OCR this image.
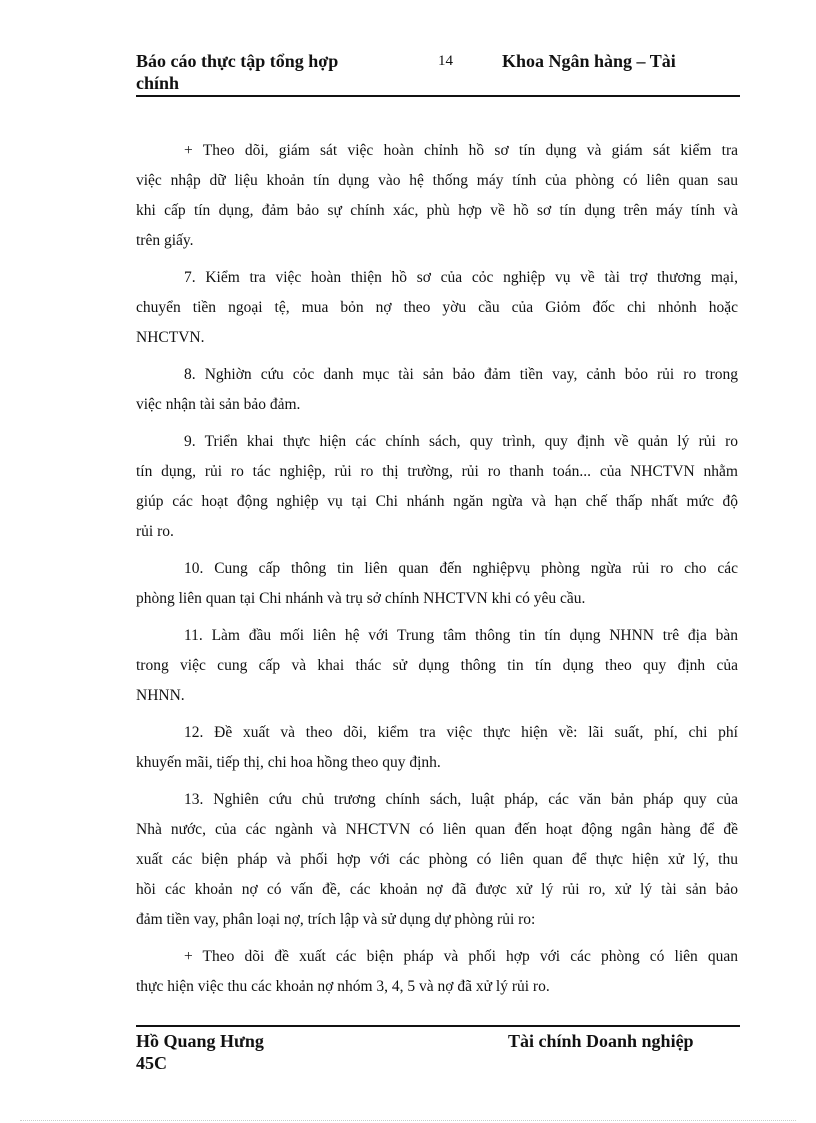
Báo cáo thực tập tổng hợp
chính
14	Khoa Ngân hàng – Tài
+ Theo dõi, giám sát việc hoàn chỉnh hồ sơ tín dụng và giám sát kiểm tra
việc nhập dữ liệu khoản tín dụng vào hệ thống máy tính của phòng có liên quan sau
khi cấp tín dụng, đảm bảo sự chính xác, phù hợp về hồ sơ tín dụng trên máy tính và
trên giấy.
7. Kiểm tra việc hoàn thiện hồ sơ của cỏc nghiệp vụ về tài trợ thương mại,
chuyển tiền ngoại tệ, mua bỏn nợ theo yờu cầu của Giỏm đốc chi nhỏnh hoặc
NHCTVN.
8. Nghiờn cứu cỏc danh mục tài sản bảo đảm tiền vay, cảnh bỏo rủi ro trong
việc nhận tài sản bảo đảm.
9. Triển khai thực hiện các chính sách, quy trình, quy định về quản lý rủi ro
tín dụng, rủi ro tác nghiệp, rủi ro thị trường, rủi ro thanh toán... của NHCTVN nhằm
giúp các hoạt động nghiệp vụ tại Chi nhánh ngăn ngừa và hạn chế thấp nhất mức độ
rủi ro.
10. Cung cấp thông tin liên quan đến nghiệpvụ phòng ngừa rủi ro cho các
phòng liên quan tại Chi nhánh và trụ sở chính NHCTVN khi có yêu cầu.
11. Làm đầu mối liên hệ với Trung tâm thông tin tín dụng NHNN trê địa bàn
trong việc cung cấp và khai thác sử dụng thông tin tín dụng theo quy định của
NHNN.
12. Đề xuất và theo dõi, kiểm tra việc thực hiện về: lãi suất, phí, chi phí
khuyến mãi, tiếp thị, chi hoa hồng theo quy định.
13. Nghiên cứu chủ trương chính sách, luật pháp, các văn bản pháp quy của
Nhà nước, của các ngành và NHCTVN có liên quan đến hoạt động ngân hàng để đề
xuất các biện pháp và phối hợp với các phòng có liên quan để thực hiện xử lý, thu
hồi các khoản nợ có vấn đề, các khoản nợ đã được xử lý rủi ro, xử lý tài sản bảo
đảm tiền vay, phân loại nợ, trích lập và sử dụng dự phòng rủi ro:
+ Theo dõi đề xuất các biện pháp và phối hợp với các phòng có liên quan
thực hiện việc thu các khoản nợ nhóm 3, 4, 5 và nợ đã xử lý rủi ro.
Hồ Quang Hưng
45C
Tài chính Doanh nghiệp
